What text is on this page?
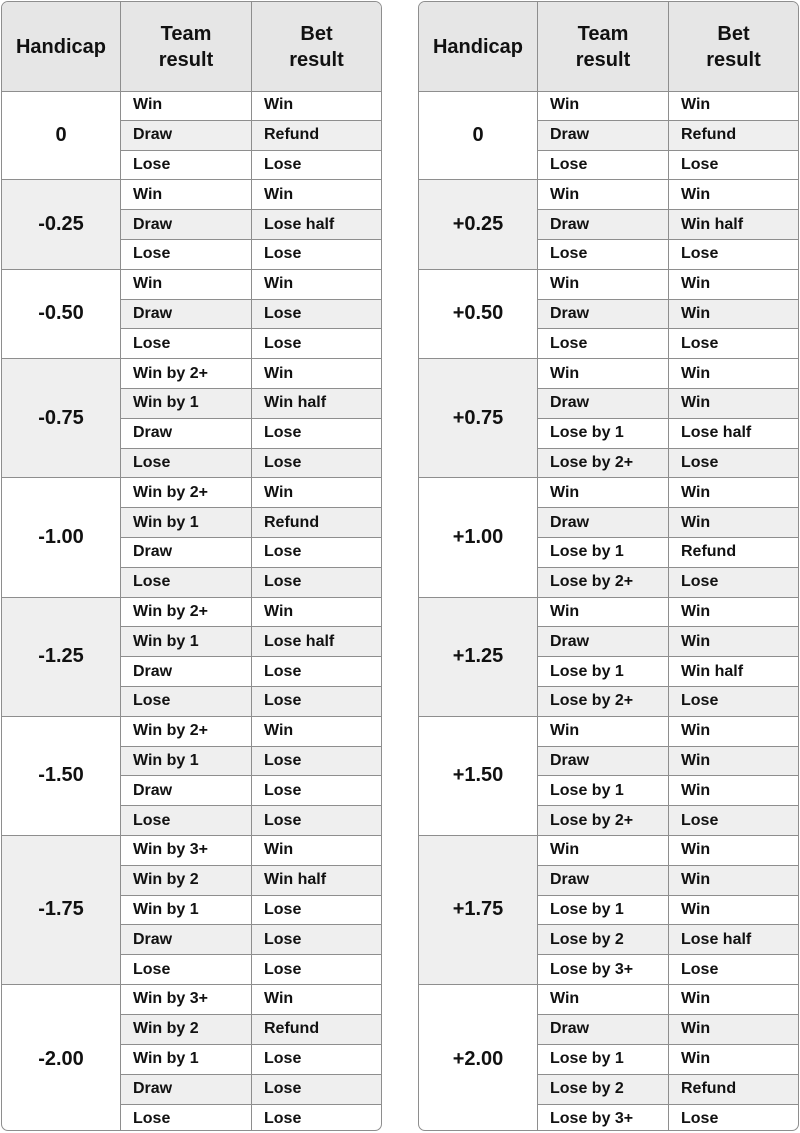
Handicap
Team
result
Bet
result
0
Win	Win
Draw	Refund
Lose	Lose
-0.25
Win	Win
Draw	Lose half
Lose	Lose
-0.50
Win	Win
Draw	Lose
Lose	Lose
-0.75
Win by 2+	Win
Win by 1	Win half
Draw	Lose
Lose	Lose
-1.00
Win by 2+	Win
Win by 1	Refund
Draw	Lose
Lose	Lose
-1.25
Win by 2+	Win
Win by 1	Lose half
Draw	Lose
Lose	Lose
-1.50
Win by 2+	Win
Win by 1	Lose
Draw	Lose
Lose	Lose
-1.75
Win by 3+	Win
Win by 2	Win half
Win by 1	Lose
Draw	Lose
Lose	Lose
-2.00
Win by 3+	Win
Win by 2	Refund
Win by 1	Lose
Draw	Lose
Lose	Lose
Handicap
Team
result
Bet
result
0
Win	Win
Draw	Refund
Lose	Lose
+0.25
Win	Win
Draw	Win half
Lose	Lose
+0.50
Win	Win
Draw	Win
Lose	Lose
+0.75
Win	Win
Draw	Win
Lose by 1	Lose half
Lose by 2+	Lose
+1.00
Win	Win
Draw	Win
Lose by 1	Refund
Lose by 2+	Lose
+1.25
Win	Win
Draw	Win
Lose by 1	Win half
Lose by 2+	Lose
+1.50
Win	Win
Draw	Win
Lose by 1	Win
Lose by 2+	Lose
+1.75
Win	Win
Draw	Win
Lose by 1	Win
Lose by 2	Lose half
Lose by 3+	Lose
+2.00
Win	Win
Draw	Win
Lose by 1	Win
Lose by 2	Refund
Lose by 3+	Lose
